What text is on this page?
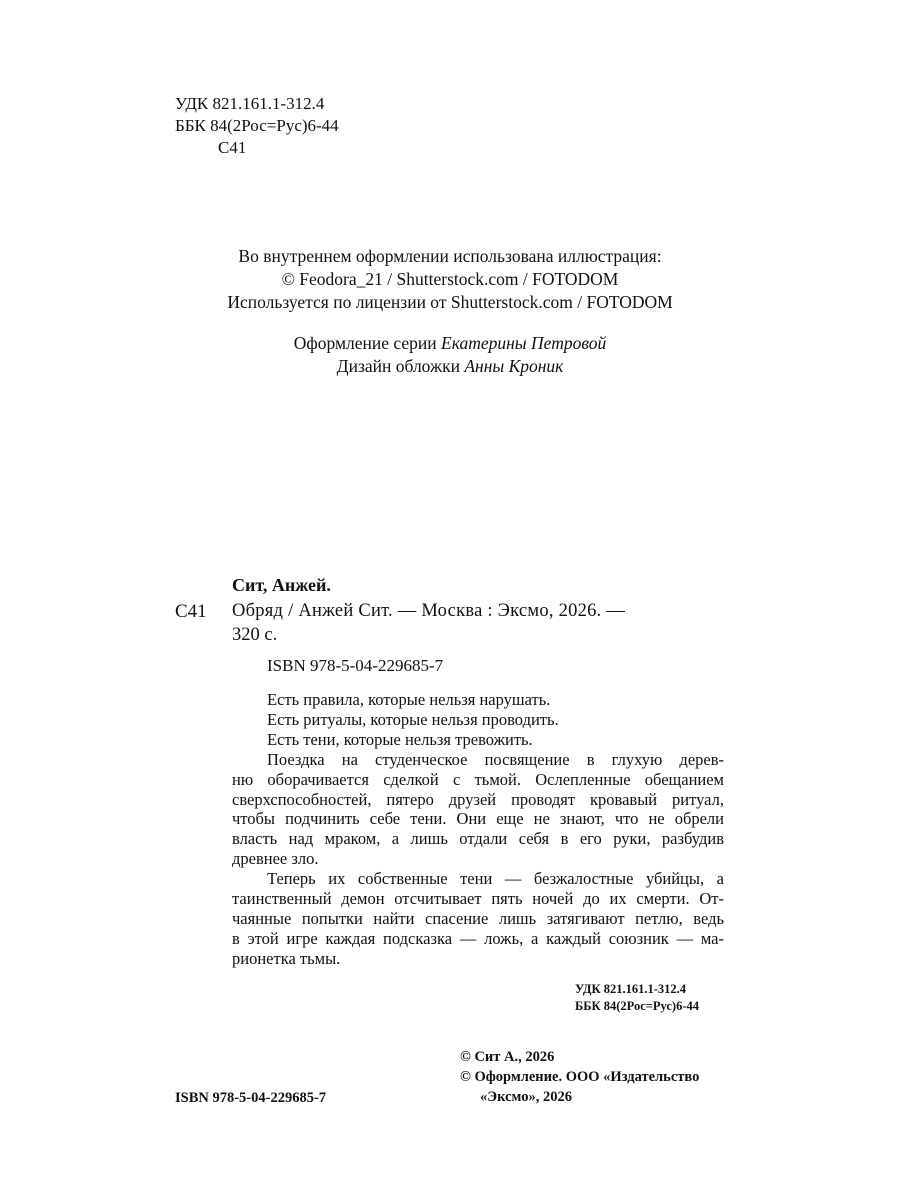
УДК 821.161.1-312.4
ББК 84(2Рос=Рус)6-44
С41
Во внутреннем оформлении использована иллюстрация:
© Feodora_21 / Shutterstock.com / FOTODOM
Используется по лицензии от Shutterstock.com / FOTODOM
Оформление серии Екатерины Петровой
Дизайн обложки Анны Кроник
Сит, Анжей.
С41 Обряд / Анжей Сит. — Москва : Эксмо, 2026. —
320 с.
ISBN 978-5-04-229685-7
Есть правила, которые нельзя нарушать.
Есть ритуалы, которые нельзя проводить.
Есть тени, которые нельзя тревожить.
Поездка на студенческое посвящение в глухую дерев-
ню оборачивается сделкой с тьмой. Ослепленные обещанием
сверхспособностей, пятеро друзей проводят кровавый ритуал,
чтобы подчинить себе тени. Они еще не знают, что не обрели
власть над мраком, а лишь отдали себя в его руки, разбудив
древнее зло.
Теперь их собственные тени — безжалостные убийцы, а
таинственный демон отсчитывает пять ночей до их смерти. От-
чаянные попытки найти спасение лишь затягивают петлю, ведь
в этой игре каждая подсказка — ложь, а каждый союзник — ма-
рионетка тьмы.
УДК 821.161.1-312.4
ББК 84(2Рос=Рус)6-44
© Сит А., 2026
© Оформление. ООО «Издательство
«Эксмо», 2026
ISBN 978-5-04-229685-7
